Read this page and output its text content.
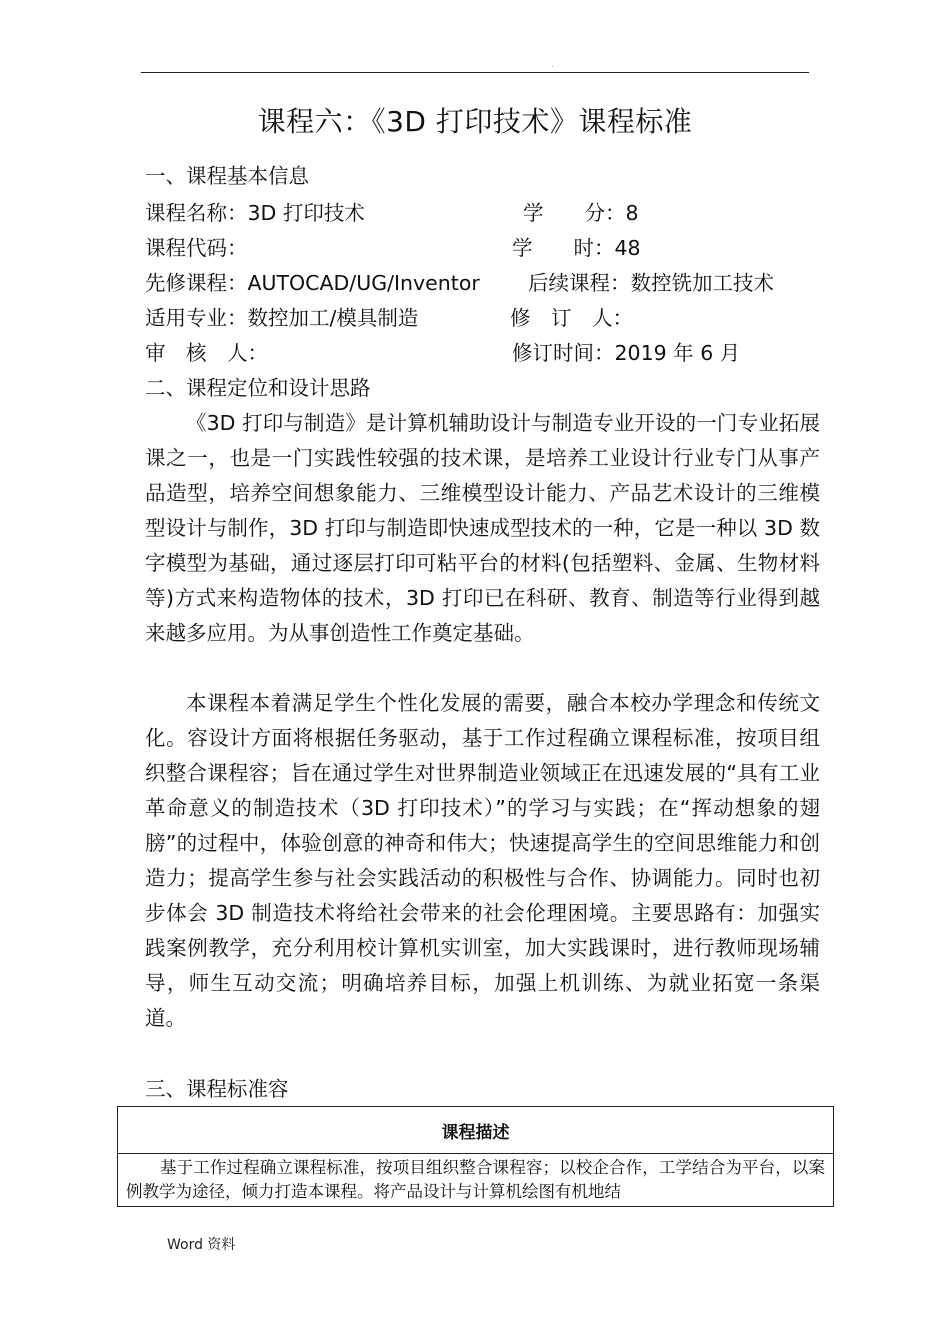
.
课程六：《3D 打印技术》课程标准
一、课程基本信息
课程名称：3D 打印技术	学　　分：8
课程代码：	学　　时：48
先修课程：AUTOCAD/UG/Inventor 后续课程：数控铣加工技术
适用专业：数控加工/模具制造	修　订　人：
审　核　人：	修订时间：2019 年 6 月
二、课程定位和设计思路

《3D 打印与制造》是计算机辅助设计与制造专业开设的一门专业拓展课之一，也是一门实践性较强的技术课，是培养工业设计行业专门从事产品造型，培养空间想象能力、三维模型设计能力、产品艺术设计的三维模型设计与制作，3D 打印与制造即快速成型技术的一种，它是一种以 3D 数字模型为基础，通过逐层打印可粘平台的材料(包括塑料、金属、生物材料等)方式来构造物体的技术，3D 打印已在科研、教育、制造等行业得到越来越多应用。为从事创造性工作奠定基础。

本课程本着满足学生个性化发展的需要，融合本校办学理念和传统文化。容设计方面将根据任务驱动，基于工作过程确立课程标准，按项目组织整合课程容；旨在通过学生对世界制造业领域正在迅速发展的“具有工业革命意义的制造技术（3D 打印技术）”的学习与实践；在“挥动想象的翅膀”的过程中，体验创意的神奇和伟大；快速提高学生的空间思维能力和创造力；提高学生参与社会实践活动的积极性与合作、协调能力。同时也初步体会 3D 制造技术将给社会带来的社会伦理困境。主要思路有：加强实践案例教学，充分利用校计算机实训室，加大实践课时，进行教师现场辅导，师生互动交流；明确培养目标，加强上机训练、为就业拓宽一条渠道。

三、课程标准容
课程描述
基于工作过程确立课程标准，按项目组织整合课程容；以校企合作，工学结合为平台，以案例教学为途径，倾力打造本课程。将产品设计与计算机绘图有机地结
Word 资料
